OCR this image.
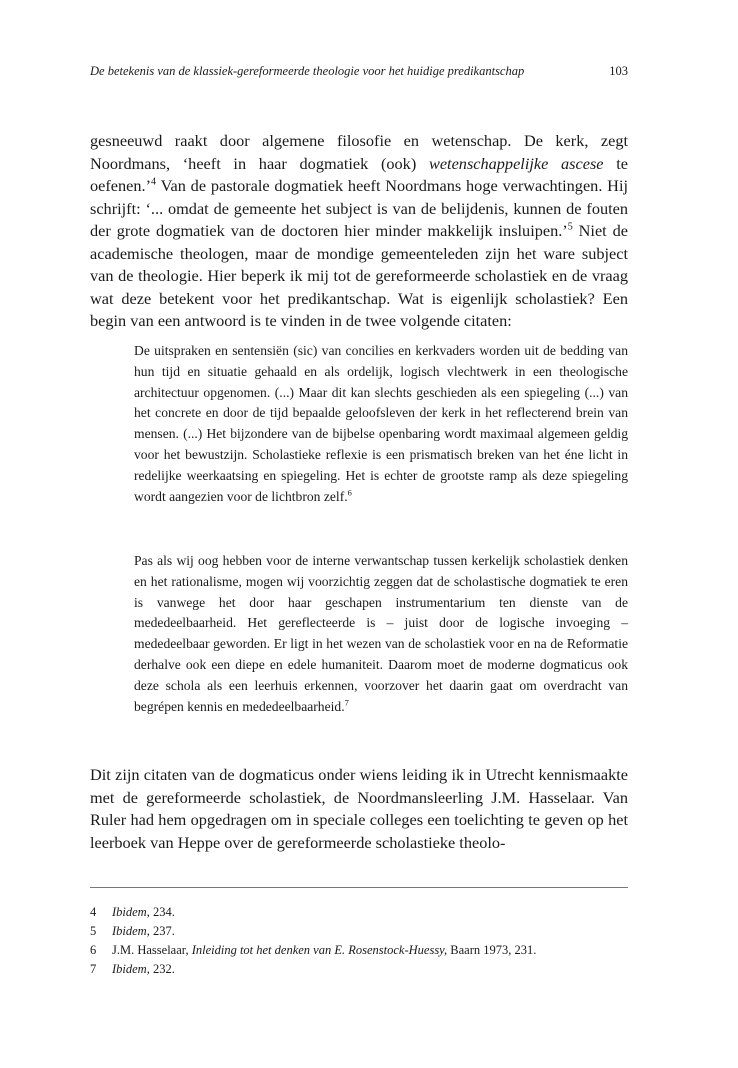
De betekenis van de klassiek-gereformeerde theologie voor het huidige predikantschap	103

gesneeuwd raakt door algemene filosofie en wetenschap. De kerk, zegt Noordmans, ‘heeft in haar dogmatiek (ook) wetenschappelijke ascese te oefenen.’$^4$ Van de pastorale dogmatiek heeft Noordmans hoge verwachtingen. Hij schrijft: ‘... omdat de gemeente het subject is van de belijdenis, kunnen de fouten der grote dogmatiek van de doctoren hier minder makkelijk insluipen.’$^5$ Niet de academische theologen, maar de mondige gemeenteleden zijn het ware subject van de theologie. Hier beperk ik mij tot de gereformeerde scholastiek en de vraag wat deze betekent voor het predikantschap. Wat is eigenlijk scholastiek? Een begin van een antwoord is te vinden in de twee volgende citaten:

De uitspraken en sentensiën (sic) van concilies en kerkvaders worden uit de bedding van hun tijd en situatie gehaald en als ordelijk, logisch vlechtwerk in een theologische architectuur opgenomen. (...) Maar dit kan slechts geschieden als een spiegeling (...) van het concrete en door de tijd bepaalde geloofsleven der kerk in het reflecterend brein van mensen. (...) Het bijzondere van de bijbelse openbaring wordt maximaal algemeen geldig voor het bewustzijn. Scholastieke reflexie is een prismatisch breken van het éne licht in redelijke weerkaatsing en spiegeling. Het is echter de grootste ramp als deze spiegeling wordt aangezien voor de lichtbron zelf.$^6$

Pas als wij oog hebben voor de interne verwantschap tussen kerkelijk scholastiek denken en het rationalisme, mogen wij voorzichtig zeggen dat de scholastische dogmatiek te eren is vanwege het door haar geschapen instrumentarium ten dienste van de mededeelbaarheid. Het gereflecteerde is – juist door de logische invoeging – mededeelbaar geworden. Er ligt in het wezen van de scholastiek voor en na de Reformatie derhalve ook een diepe en edele humaniteit. Daarom moet de moderne dogmaticus ook deze schola als een leerhuis erkennen, voorzover het daarin gaat om overdracht van begrépen kennis en mededeelbaarheid.$^7$

Dit zijn citaten van de dogmaticus onder wiens leiding ik in Utrecht kennismaakte met de gereformeerde scholastiek, de Noordmansleerling J.M. Hasselaar. Van Ruler had hem opgedragen om in speciale colleges een toelichting te geven op het leerboek van Heppe over de gereformeerde scholastieke theolo-

4 Ibidem, 234.
5 Ibidem, 237.
6 J.M. Hasselaar, Inleiding tot het denken van E. Rosenstock-Huessy, Baarn 1973, 231.
7 Ibidem, 232.
